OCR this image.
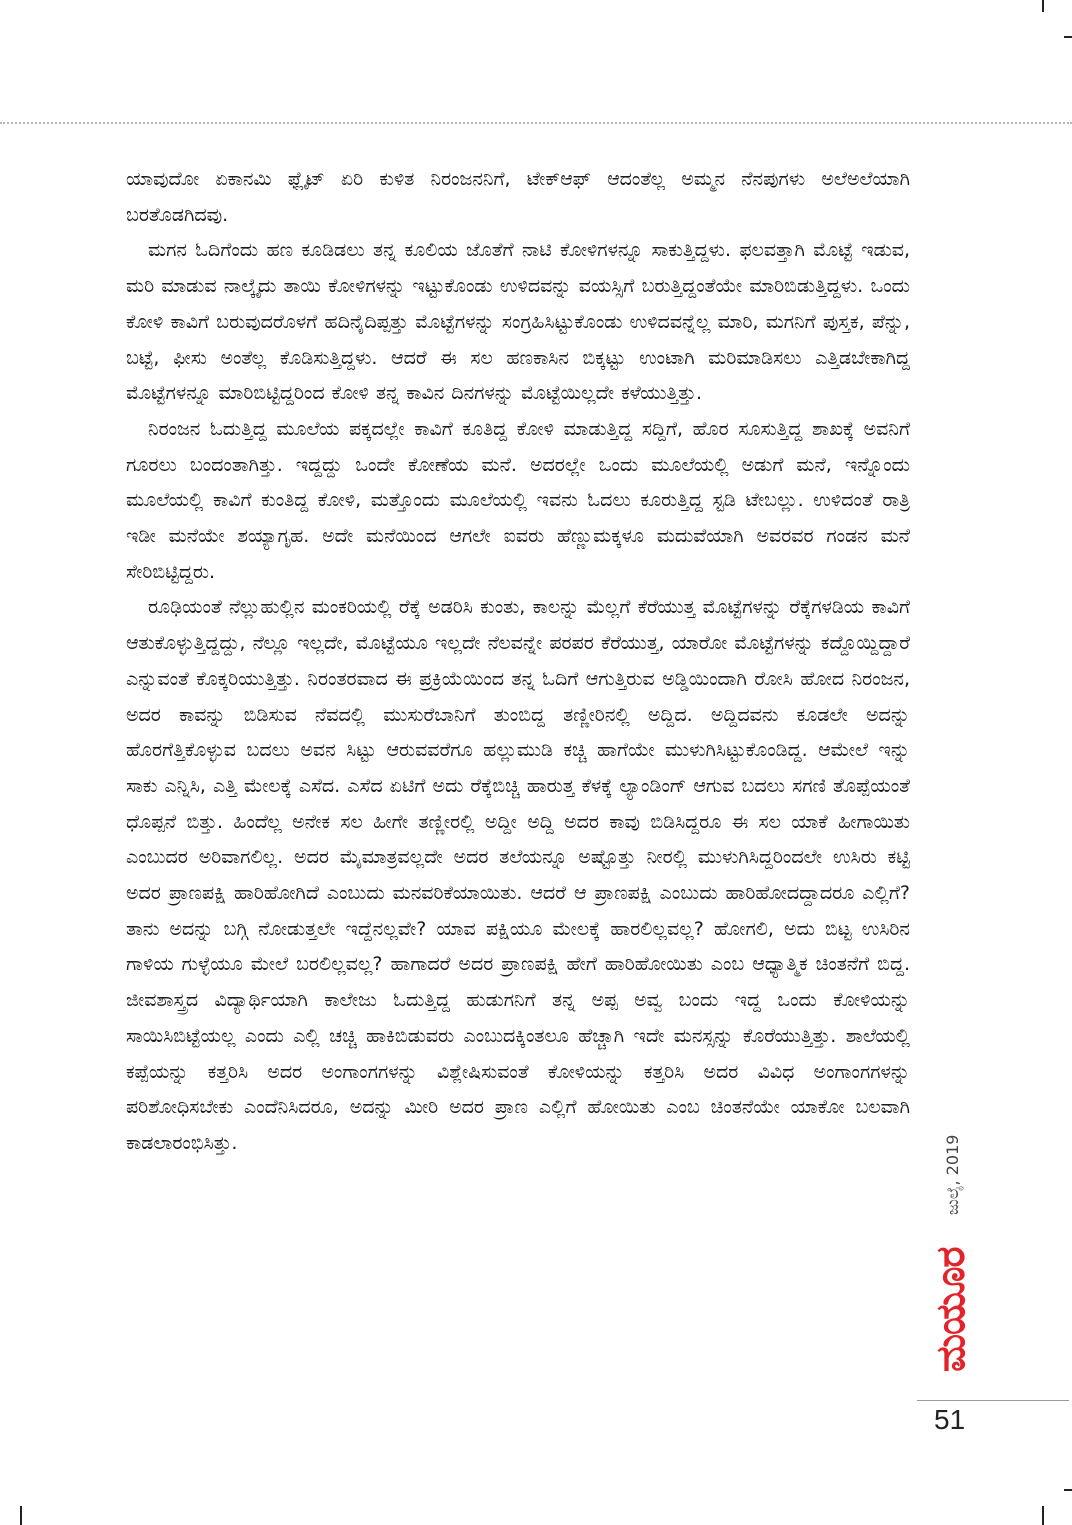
ಯಾವುದೋ ಏಕಾನಮಿ ಫ್ಲೈಟ್ ಏರಿ ಕುಳಿತ ನಿರಂಜನನಿಗೆ, ಟೇಕ್‌ಆಫ್ ಆದಂತೆಲ್ಲ ಅಮ್ಮನ ನೆನಪುಗಳು ಅಲೆಅಲೆಯಾಗಿ ಬರತೊಡಗಿದವು.

ಮಗನ ಓದಿಗೆಂದು ಹಣ ಕೂಡಿಡಲು ತನ್ನ ಕೂಲಿಯ ಜೊತೆಗೆ ನಾಟಿ ಕೋಳಿಗಳನ್ನೂ ಸಾಕುತ್ತಿದ್ದಳು. ಫಲವತ್ತಾಗಿ ಮೊಟ್ಟೆ ಇಡುವ, ಮರಿ ಮಾಡುವ ನಾಲ್ಕೈದು ತಾಯಿ ಕೋಳಿಗಳನ್ನು ಇಟ್ಟುಕೊಂಡು ಉಳಿದವನ್ನು ವಯಸ್ಸಿಗೆ ಬರುತ್ತಿದ್ದಂತೆಯೇ ಮಾರಿಬಿಡುತ್ತಿದ್ದಳು. ಒಂದು ಕೋಳಿ ಕಾವಿಗೆ ಬರುವುದರೊಳಗೆ ಹದಿನೈದಿಪ್ಪತ್ತು ಮೊಟ್ಟೆಗಳನ್ನು ಸಂಗ್ರಹಿಸಿಟ್ಟುಕೊಂಡು ಉಳಿದವನ್ನೆಲ್ಲ ಮಾರಿ, ಮಗನಿಗೆ ಪುಸ್ತಕ, ಪೆನ್ನು, ಬಟ್ಟೆ, ಫೀಸು ಅಂತೆಲ್ಲ ಕೊಡಿಸುತ್ತಿದ್ದಳು. ಆದರೆ ಈ ಸಲ ಹಣಕಾಸಿನ ಬಿಕ್ಕಟ್ಟು ಉಂಟಾಗಿ ಮರಿಮಾಡಿಸಲು ಎತ್ತಿಡಬೇಕಾಗಿದ್ದ ಮೊಟ್ಟೆಗಳನ್ನೂ ಮಾರಿಬಿಟ್ಟಿದ್ದರಿಂದ ಕೋಳಿ ತನ್ನ ಕಾವಿನ ದಿನಗಳನ್ನು ಮೊಟ್ಟೆಯಿಲ್ಲದೇ ಕಳೆಯುತ್ತಿತ್ತು.

ನಿರಂಜನ ಓದುತ್ತಿದ್ದ ಮೂಲೆಯ ಪಕ್ಕದಲ್ಲೇ ಕಾವಿಗೆ ಕೂತಿದ್ದ ಕೋಳಿ ಮಾಡುತ್ತಿದ್ದ ಸದ್ದಿಗೆ, ಹೊರ ಸೂಸುತ್ತಿದ್ದ ಶಾಖಕ್ಕೆ ಅವನಿಗೆ ಗೂರಲು ಬಂದಂತಾಗಿತ್ತು. ಇದ್ದದ್ದು ಒಂದೇ ಕೋಣೆಯ ಮನೆ. ಅದರಲ್ಲೇ ಒಂದು ಮೂಲೆಯಲ್ಲಿ ಅಡುಗೆ ಮನೆ, ಇನ್ನೊಂದು ಮೂಲೆಯಲ್ಲಿ ಕಾವಿಗೆ ಕುಂತಿದ್ದ ಕೋಳಿ, ಮತ್ತೊಂದು ಮೂಲೆಯಲ್ಲಿ ಇವನು ಓದಲು ಕೂರುತ್ತಿದ್ದ ಸ್ಟಡಿ ಟೇಬಲ್ಲು. ಉಳಿದಂತೆ ರಾತ್ರಿ ಇಡೀ ಮನೆಯೇ ಶಯ್ಯಾಗೃಹ. ಅದೇ ಮನೆಯಿಂದ ಆಗಲೇ ಐವರು ಹೆಣ್ಣುಮಕ್ಕಳೂ ಮದುವೆಯಾಗಿ ಅವರವರ ಗಂಡನ ಮನೆ ಸೇರಿಬಿಟ್ಟಿದ್ದರು.

ರೂಢಿಯಂತೆ ನೆಲ್ಲುಹುಲ್ಲಿನ ಮಂಕರಿಯಲ್ಲಿ ರೆಕ್ಕೆ ಅಡರಿಸಿ ಕುಂತು, ಕಾಲನ್ನು ಮೆಲ್ಲಗೆ ಕೆರೆಯುತ್ತ ಮೊಟ್ಟೆಗಳನ್ನು ರೆಕ್ಕೆಗಳಡಿಯ ಕಾವಿಗೆ ಆತುಕೊಳ್ಳುತ್ತಿದ್ದದ್ದು, ನೆಲ್ಲೂ ಇಲ್ಲದೇ, ಮೊಟ್ಟೆಯೂ ಇಲ್ಲದೇ ನೆಲವನ್ನೇ ಪರಪರ ಕೆರೆಯುತ್ತ, ಯಾರೋ ಮೊಟ್ಟೆಗಳನ್ನು ಕದ್ದೊಯ್ದಿದ್ದಾರೆ ಎನ್ನುವಂತೆ ಕೊಕ್ಕರಿಯುತ್ತಿತ್ತು. ನಿರಂತರವಾದ ಈ ಪ್ರಕ್ರಿಯೆಯಿಂದ ತನ್ನ ಓದಿಗೆ ಆಗುತ್ತಿರುವ ಅಡ್ಡಿಯಿಂದಾಗಿ ರೋಸಿ ಹೋದ ನಿರಂಜನ, ಅದರ ಕಾವನ್ನು ಬಿಡಿಸುವ ನೆವದಲ್ಲಿ ಮುಸುರೆಬಾನಿಗೆ ತುಂಬಿದ್ದ ತಣ್ಣೀರಿನಲ್ಲಿ ಅದ್ದಿದ. ಅದ್ದಿದವನು ಕೂಡಲೇ ಅದನ್ನು ಹೊರಗೆತ್ತಿಕೊಳ್ಳುವ ಬದಲು ಅವನ ಸಿಟ್ಟು ಆರುವವರೆಗೂ ಹಲ್ಲುಮುಡಿ ಕಚ್ಚಿ ಹಾಗೆಯೇ ಮುಳುಗಿಸಿಟ್ಟುಕೊಂಡಿದ್ದ. ಆಮೇಲೆ ಇನ್ನು ಸಾಕು ಎನ್ನಿಸಿ, ಎತ್ತಿ ಮೇಲಕ್ಕೆ ಎಸೆದ. ಎಸೆದ ಏಟಿಗೆ ಅದು ರೆಕ್ಕೆಬಿಚ್ಚಿ ಹಾರುತ್ತ ಕೆಳಕ್ಕೆ ಲ್ಯಾಂಡಿಂಗ್ ಆಗುವ ಬದಲು ಸಗಣಿ ತೊಪ್ಪೆಯಂತೆ ಧೊಪ್ಪನೆ ಬಿತ್ತು. ಹಿಂದೆಲ್ಲ ಅನೇಕ ಸಲ ಹೀಗೇ ತಣ್ಣೀರಲ್ಲಿ ಅದ್ದೀ ಅದ್ದಿ ಅದರ ಕಾವು ಬಿಡಿಸಿದ್ದರೂ ಈ ಸಲ ಯಾಕೆ ಹೀಗಾಯಿತು ಎಂಬುದರ ಅರಿವಾಗಲಿಲ್ಲ. ಅದರ ಮೈಮಾತ್ರವಲ್ಲದೇ ಅದರ ತಲೆಯನ್ನೂ ಅಷ್ಟೊತ್ತು ನೀರಲ್ಲಿ ಮುಳುಗಿಸಿದ್ದರಿಂದಲೇ ಉಸಿರು ಕಟ್ಟಿ ಅದರ ಪ್ರಾಣಪಕ್ಷಿ ಹಾರಿಹೋಗಿದೆ ಎಂಬುದು ಮನವರಿಕೆಯಾಯಿತು. ಆದರೆ ಆ ಪ್ರಾಣಪಕ್ಷಿ ಎಂಬುದು ಹಾರಿಹೋದದ್ದಾದರೂ ಎಲ್ಲಿಗೆ? ತಾನು ಅದನ್ನು ಬಗ್ಗಿ ನೋಡುತ್ತಲೇ ಇದ್ದೆನಲ್ಲವೇ? ಯಾವ ಪಕ್ಷಿಯೂ ಮೇಲಕ್ಕೆ ಹಾರಲಿಲ್ಲವಲ್ಲ? ಹೋಗಲಿ, ಅದು ಬಿಟ್ಟ ಉಸಿರಿನ ಗಾಳಿಯ ಗುಳ್ಳೆಯೂ ಮೇಲೆ ಬರಲಿಲ್ಲವಲ್ಲ? ಹಾಗಾದರೆ ಅದರ ಪ್ರಾಣಪಕ್ಷಿ ಹೇಗೆ ಹಾರಿಹೋಯಿತು ಎಂಬ ಆಧ್ಯಾತ್ಮಿಕ ಚಿಂತನೆಗೆ ಬಿದ್ದ. ಜೀವಶಾಸ್ತ್ರದ ವಿದ್ಯಾರ್ಥಿಯಾಗಿ ಕಾಲೇಜು ಓದುತ್ತಿದ್ದ ಹುಡುಗನಿಗೆ ತನ್ನ ಅಪ್ಪ ಅವ್ವ ಬಂದು ಇದ್ದ ಒಂದು ಕೋಳಿಯನ್ನು ಸಾಯಿಸಿಬಿಟ್ಟೆಯಲ್ಲ ಎಂದು ಎಲ್ಲಿ ಚಚ್ಚಿ ಹಾಕಿಬಿಡುವರು ಎಂಬುದಕ್ಕಿಂತಲೂ ಹೆಚ್ಚಾಗಿ ಇದೇ ಮನಸ್ಸನ್ನು ಕೊರೆಯುತ್ತಿತ್ತು. ಶಾಲೆಯಲ್ಲಿ ಕಪ್ಪೆಯನ್ನು ಕತ್ತರಿಸಿ ಅದರ ಅಂಗಾಂಗಗಳನ್ನು ವಿಶ್ಲೇಷಿಸುವಂತೆ ಕೋಳಿಯನ್ನು ಕತ್ತರಿಸಿ ಅದರ ವಿವಿಧ ಅಂಗಾಂಗಗಳನ್ನು ಪರಿಶೋಧಿಸಬೇಕು ಎಂದೆನಿಸಿದರೂ, ಅದನ್ನು ಮೀರಿ ಅದರ ಪ್ರಾಣ ಎಲ್ಲಿಗೆ ಹೋಯಿತು ಎಂಬ ಚಿಂತನೆಯೇ ಯಾಕೋ ಬಲವಾಗಿ ಕಾಡಲಾರಂಭಿಸಿತ್ತು.	ಜುಲೈ, 2019
ಮಯೂರ
51
